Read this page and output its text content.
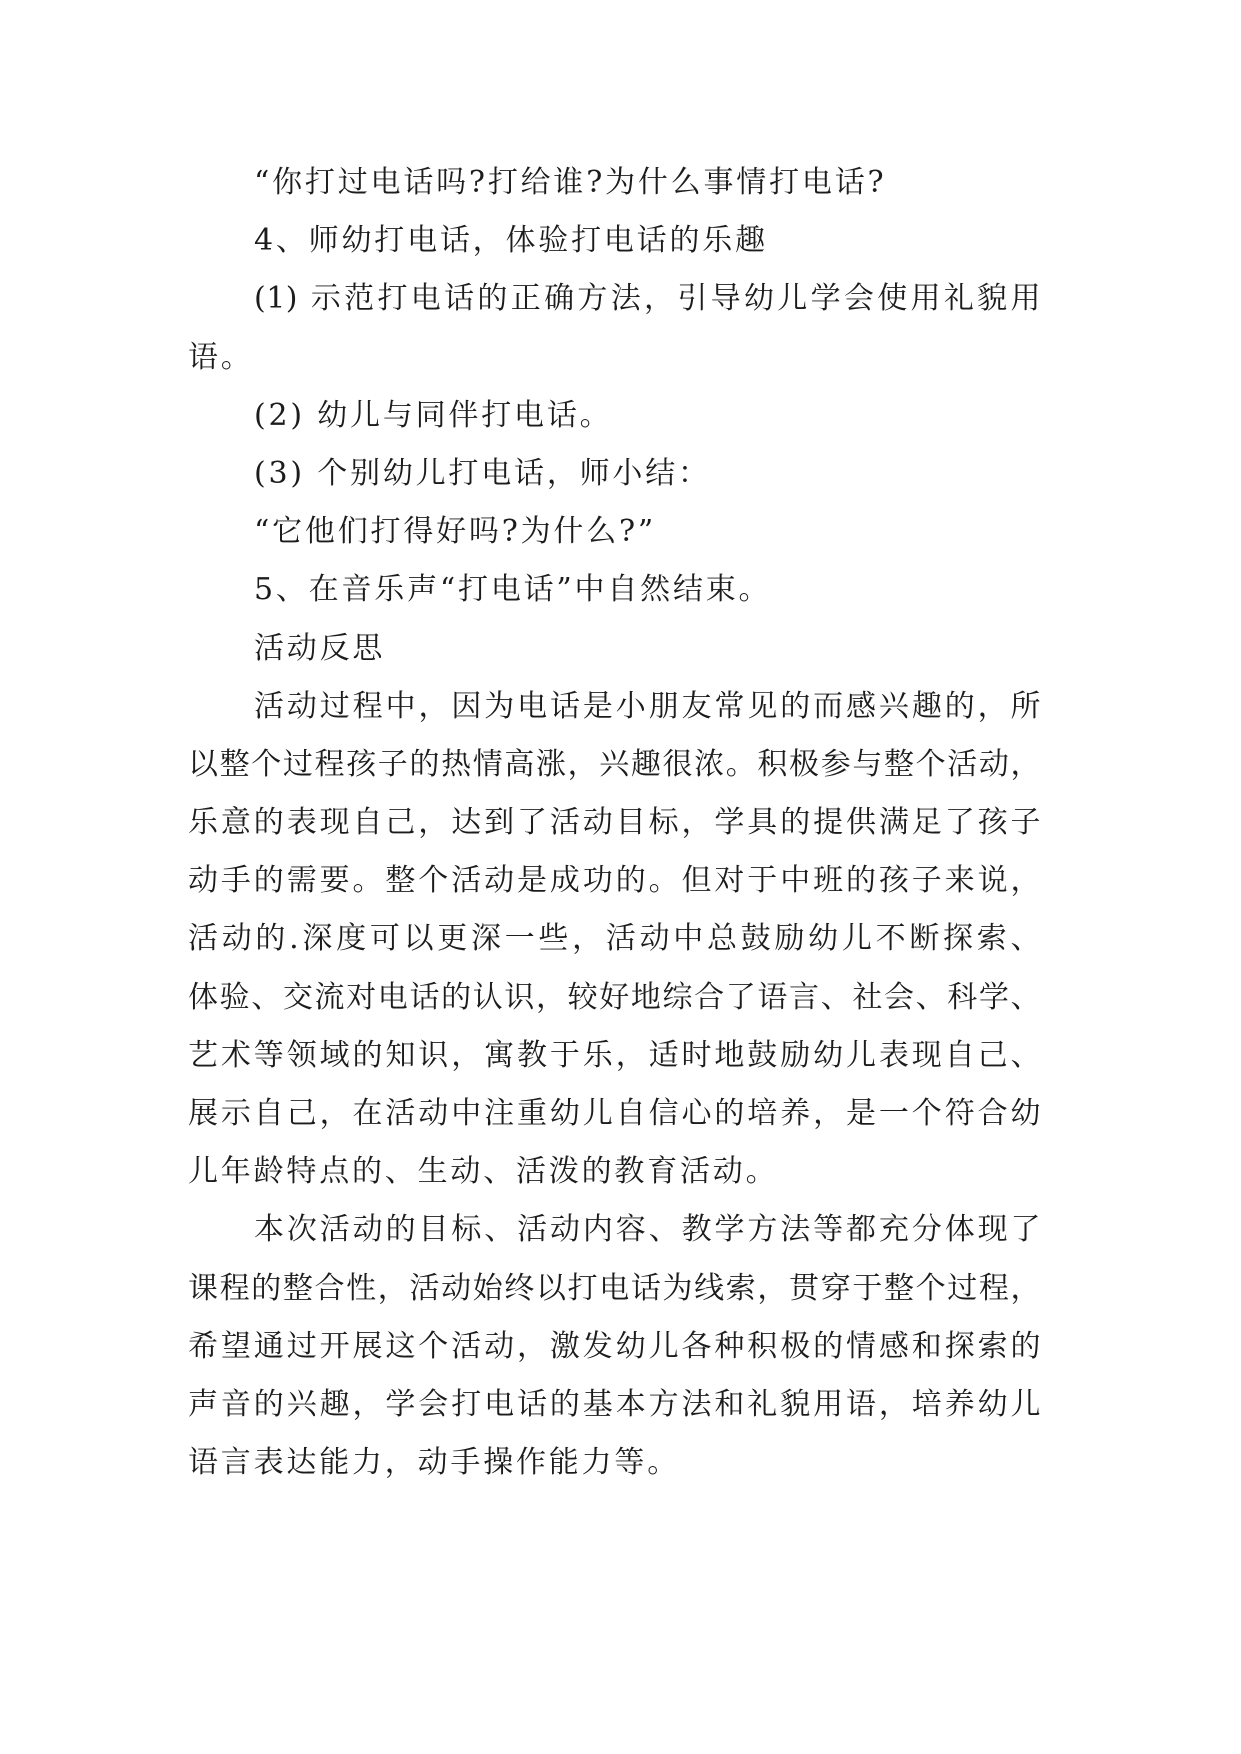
“你打过电话吗?打给谁?为什么事情打电话?
4、师幼打电话，体验打电话的乐趣
(1) 示范打电话的正确方法，引导幼儿学会使用礼貌用
语。
(2) 幼儿与同伴打电话。
(3) 个别幼儿打电话，师小结：
“它他们打得好吗?为什么?”
5、在音乐声“打电话”中自然结束。
活动反思
活动过程中，因为电话是小朋友常见的而感兴趣的，所
以整个过程孩子的热情高涨，兴趣很浓。积极参与整个活动，
乐意的表现自己，达到了活动目标，学具的提供满足了孩子
动手的需要。整个活动是成功的。但对于中班的孩子来说，
活动的.深度可以更深一些，活动中总鼓励幼儿不断探索、
体验、交流对电话的认识，较好地综合了语言、社会、科学、
艺术等领域的知识，寓教于乐，适时地鼓励幼儿表现自己、
展示自己，在活动中注重幼儿自信心的培养，是一个符合幼
儿年龄特点的、生动、活泼的教育活动。
本次活动的目标、活动内容、教学方法等都充分体现了
课程的整合性，活动始终以打电话为线索，贯穿于整个过程，
希望通过开展这个活动，激发幼儿各种积极的情感和探索的
声音的兴趣，学会打电话的基本方法和礼貌用语，培养幼儿
语言表达能力，动手操作能力等。
